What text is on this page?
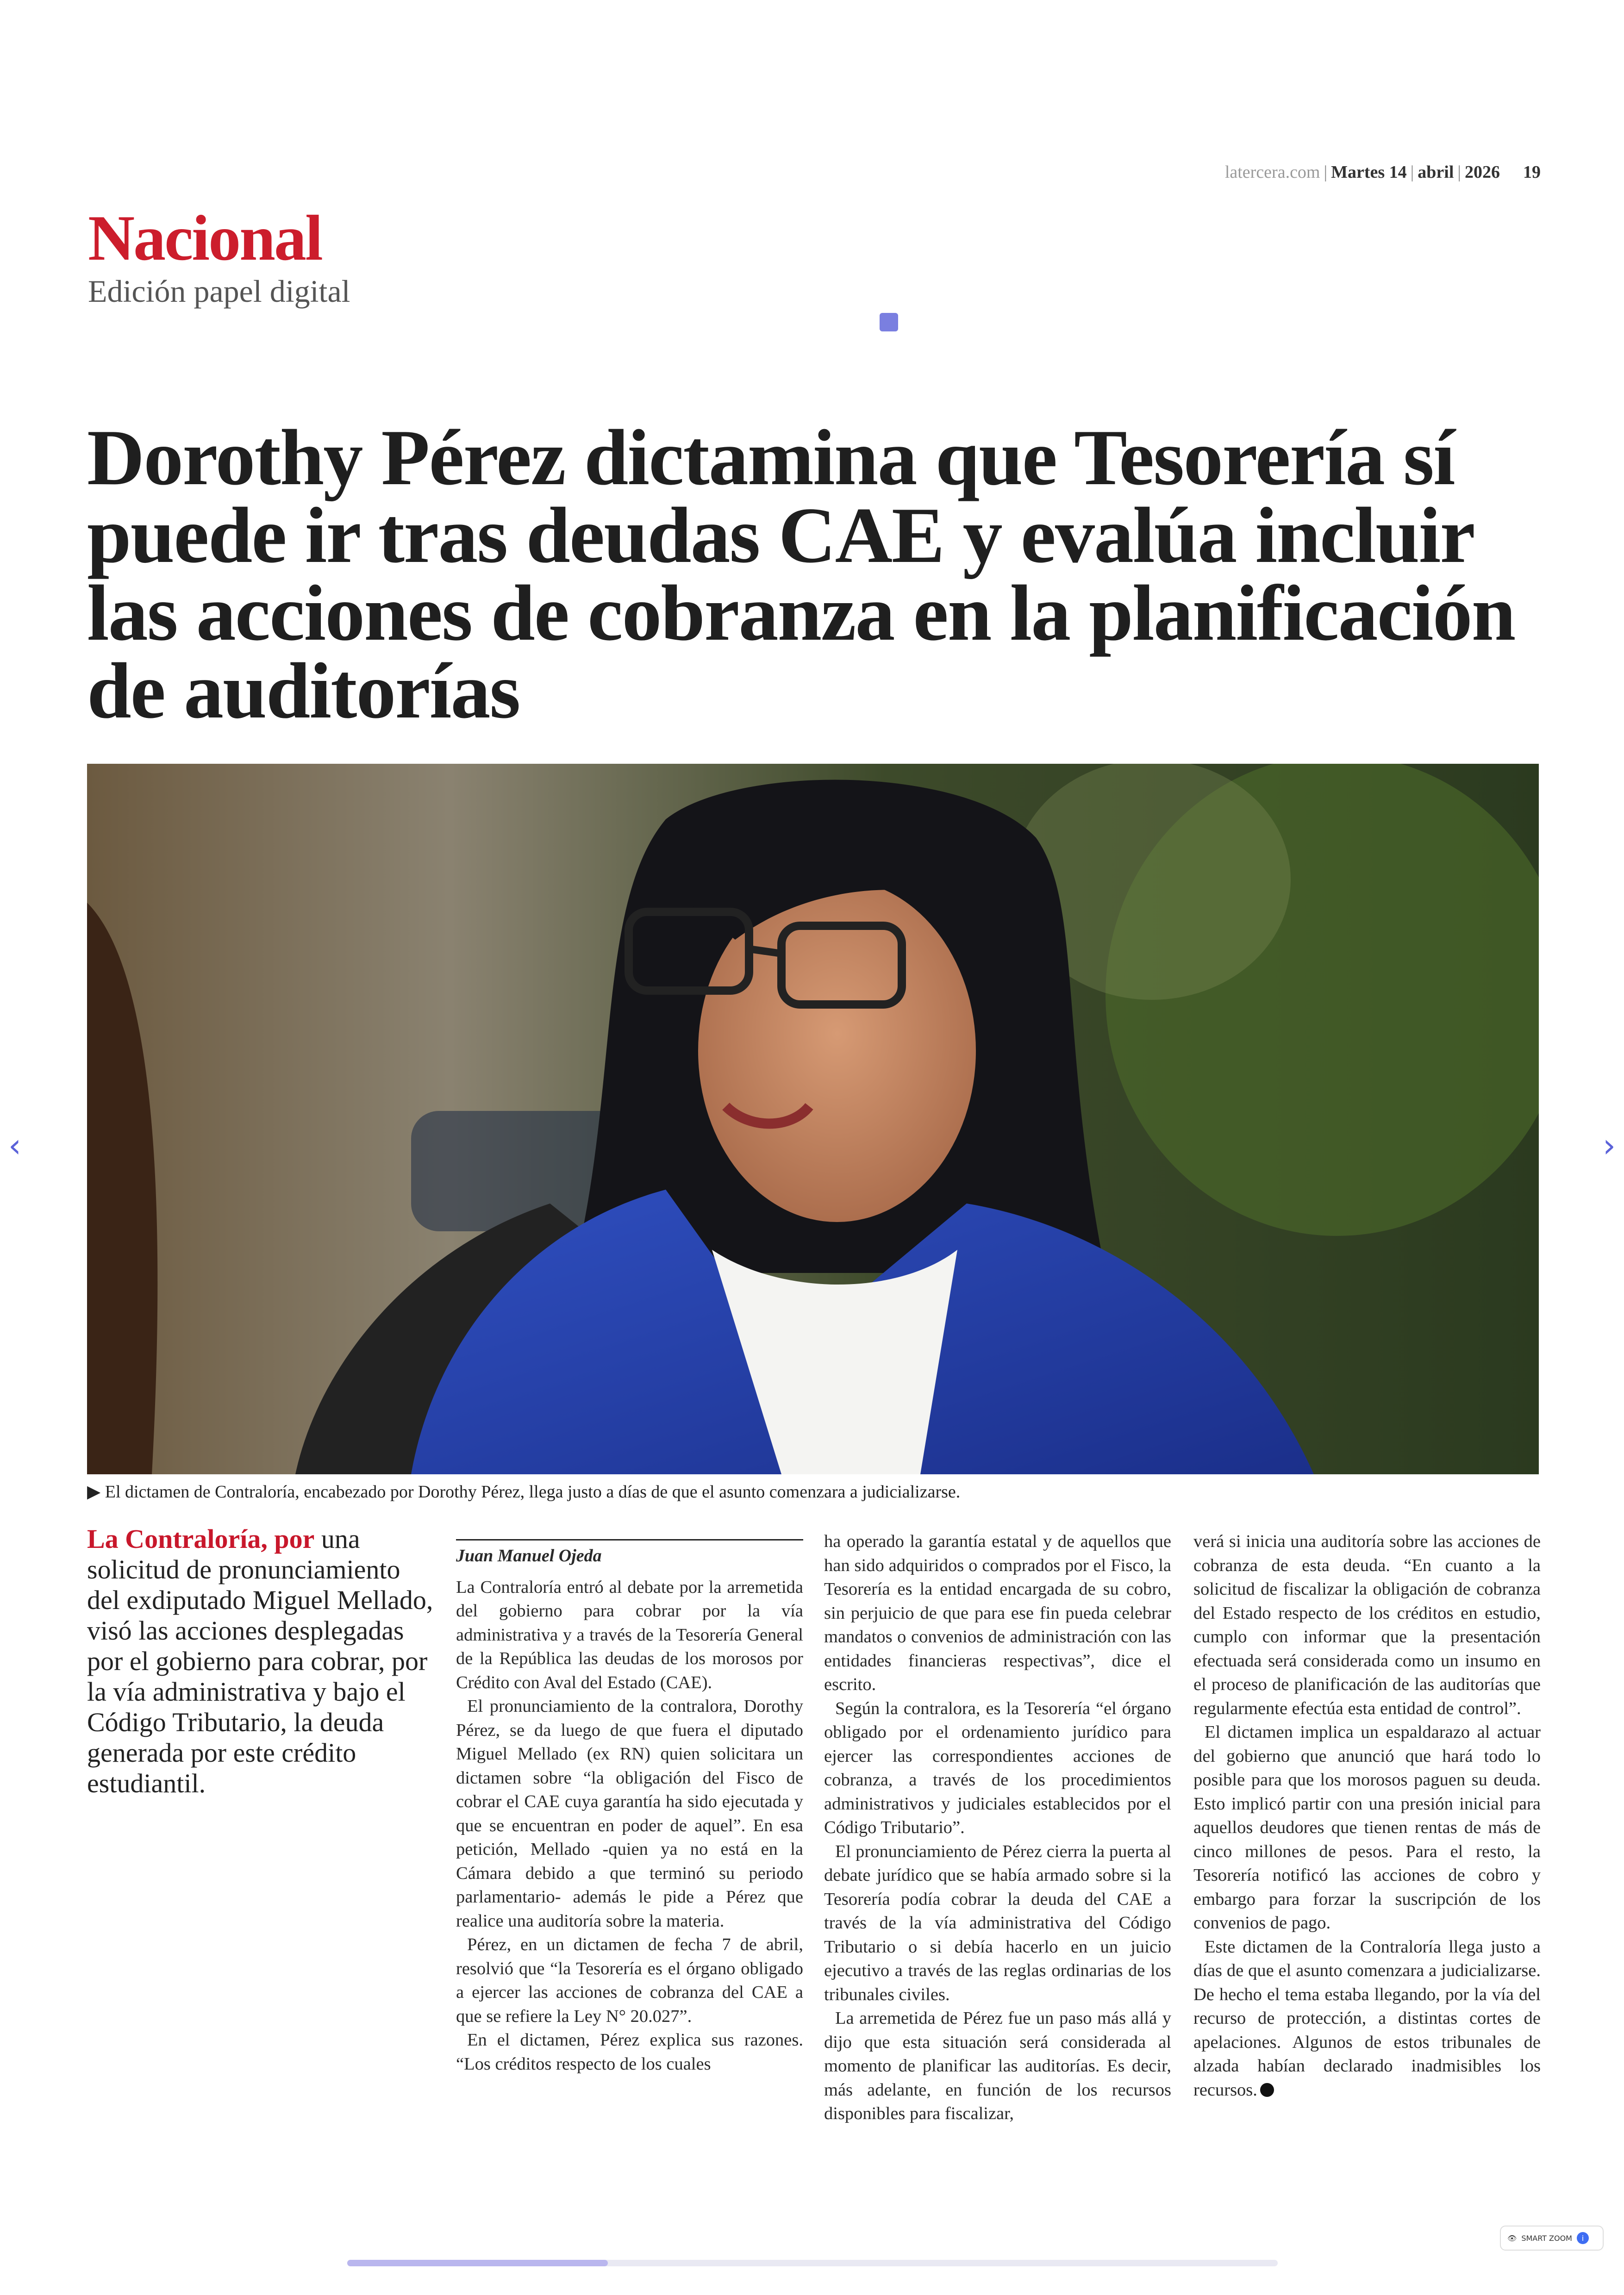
latercera.com | Martes 14 | abril | 2026 19
Nacional
Edición papel digital
Dorothy Pérez dictamina que Tesorería sí puede ir tras deudas CAE y evalúa incluir las acciones de cobranza en la planificación de auditorías
▶ El dictamen de Contraloría, encabezado por Dorothy Pérez, llega justo a días de que el asunto comenzara a judicializarse.
La Contraloría, por una solicitud de pronunciamiento del exdiputado Miguel Mellado, visó las acciones desplegadas por el gobierno para cobrar, por la vía administrativa y bajo el Código Tributario, la deuda generada por este crédito estudiantil.
Juan Manuel Ojeda

La Contraloría entró al debate por la arremetida del gobierno para cobrar por la vía administrativa y a través de la Tesorería General de la República las deudas de los morosos por Crédito con Aval del Estado (CAE).

El pronunciamiento de la contralora, Dorothy Pérez, se da luego de que fuera el diputado Miguel Mellado (ex RN) quien solicitara un dictamen sobre “la obligación del Fisco de cobrar el CAE cuya garantía ha sido ejecutada y que se encuentran en poder de aquel”. En esa petición, Mellado -quien ya no está en la Cámara debido a que terminó su periodo parlamentario- además le pide a Pérez que realice una auditoría sobre la materia.

Pérez, en un dictamen de fecha 7 de abril, resolvió que “la Tesorería es el órgano obligado a ejercer las acciones de cobranza del CAE a que se refiere la Ley N° 20.027”.

En el dictamen, Pérez explica sus razones. “Los créditos respecto de los cuales

ha operado la garantía estatal y de aquellos que han sido adquiridos o comprados por el Fisco, la Tesorería es la entidad encargada de su cobro, sin perjuicio de que para ese fin pueda celebrar mandatos o convenios de administración con las entidades financieras respectivas”, dice el escrito.

Según la contralora, es la Tesorería “el órgano obligado por el ordenamiento jurídico para ejercer las correspondientes acciones de cobranza, a través de los procedimientos administrativos y judiciales establecidos por el Código Tributario”.

El pronunciamiento de Pérez cierra la puerta al debate jurídico que se había armado sobre si la Tesorería podía cobrar la deuda del CAE a través de la vía administrativa del Código Tributario o si debía hacerlo en un juicio ejecutivo a través de las reglas ordinarias de los tribunales civiles.

La arremetida de Pérez fue un paso más allá y dijo que esta situación será considerada al momento de planificar las auditorías. Es decir, más adelante, en función de los recursos disponibles para fiscalizar,

verá si inicia una auditoría sobre las acciones de cobranza de esta deuda. “En cuanto a la solicitud de fiscalizar la obligación de cobranza del Estado respecto de los créditos en estudio, cumplo con informar que la presentación efectuada será considerada como un insumo en el proceso de planificación de las auditorías que regularmente efectúa esta entidad de control”.

El dictamen implica un espaldarazo al actuar del gobierno que anunció que hará todo lo posible para que los morosos paguen su deuda. Esto implicó partir con una presión inicial para aquellos deudores que tienen rentas de más de cinco millones de pesos. Para el resto, la Tesorería notificó las acciones de cobro y embargo para forzar la suscripción de los convenios de pago.

Este dictamen de la Contraloría llega justo a días de que el asunto comenzara a judicializarse. De hecho el tema estaba llegando, por la vía del recurso de protección, a distintas cortes de apelaciones. Algunos de estos tribunales de alzada habían declarado inadmisibles los recursos.

‹	›
👁 SMART ZOOM	i
